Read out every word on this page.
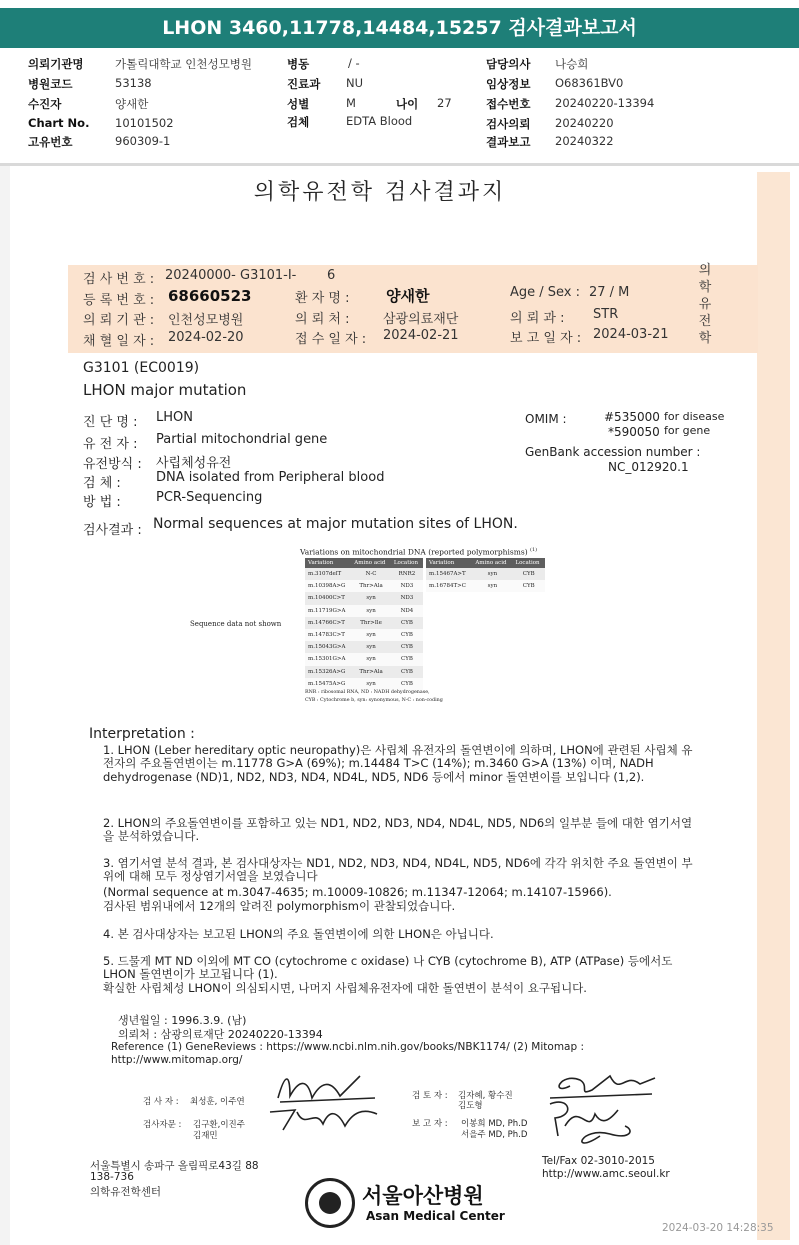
LHON 3460,11778,14484,15257 검사결과보고서
의뢰기관명	가톨릭대학교 인천성모병원
병원코드	53138
수진자	양새한
Chart No. 10101502
고유번호	960309-1
병동	/ -
진료과 NU
성별	M	나이 27
검체	EDTA Blood
담당의사 나승희
임상정보 O68361BV0
접수번호 20240220-13394
검사의뢰 20240220
결과보고 20240322
의학유전학 검사결과지
검 사 번 호 : 20240000- G3101-I- 6
등 록 번 호 : 68660523	환 자 명 : 양새한	Age / Sex : 27 / M
의 뢰 기 관 : 인천성모병원	의 뢰 처 :	삼광의료재단	의 뢰 과 : STR
채 혈 일 자 : 2024-02-20	접 수 일 자 : 2024-02-21	보 고 일 자 : 2024-03-21
의
학
유
전
학
G3101 (EC0019)
LHON major mutation
진 단 명 : LHON
유 전 자 : Partial mitochondrial gene
유전방식 : 사립체성유전
검 체 :	DNA isolated from Peripheral blood
방 법 :	PCR-Sequencing
OMIM :	#535000 for disease
*590050 for gene
GenBank accession number :
NC_012920.1
검사결과 : Normal sequences at major mutation sites of LHON.
Variations on mitochondrial DNA (reported polymorphisms) $^{(1)}$
Sequence data not shown
Variation	Amino acid	Location
m.3107delT	N-C	RNR2
m.10398A>G	Thr>Ala	ND3
m.10400C>T	syn	ND3
m.11719G>A	syn	ND4
m.14766C>T	Thr>Ile	CYB
m.14783C>T	syn	CYB
m.15043G>A	syn	CYB
m.15301G>A	syn	CYB
m.15326A>G	Thr>Ala	CYB
m.15475A>G	syn	CYB
Variation	Amino acid	Location
m.15467A>T	syn	CYB
m.16784T>C	syn	CYB
RNR : ribosomal RNA, ND : NADH dehydrogenase,
CYB : Cytochrome b, syn: synonymous, N-C : non-coding
Interpretation :
1. LHON (Leber hereditary optic neuropathy)은 사립체 유전자의 돌연변이에 의하며, LHON에 관련된 사립체 유전자의 주요돌연변이는 m.11778 G>A (69%); m.14484 T>C (14%); m.3460 G>A (13%) 이며, NADH dehydrogenase (ND)1, ND2, ND3, ND4, ND4L, ND5, ND6 등에서 minor 돌연변이를 보입니다 (1,2).
2. LHON의 주요돌연변이를 포함하고 있는 ND1, ND2, ND3, ND4, ND4L, ND5, ND6의 일부분 들에 대한 염기서열을 분석하였습니다.
3. 염기서열 분석 결과, 본 검사대상자는 ND1, ND2, ND3, ND4, ND4L, ND5, ND6에 각각 위치한 주요 돌연변이 부위에 대해 모두 정상염기서열을 보였습니다
(Normal sequence at m.3047-4635; m.10009-10826; m.11347-12064; m.14107-15966).
검사된 범위내에서 12개의 알려진 polymorphism이 관찰되었습니다.
4. 본 검사대상자는 보고된 LHON의 주요 돌연변이에 의한 LHON은 아닙니다.
5. 드물게 MT ND 이외에 MT CO (cytochrome c oxidase) 나 CYB (cytochrome B), ATP (ATPase) 등에서도 LHON 돌연변이가 보고됩니다 (1).
확실한 사립체성 LHON이 의심되시면, 나머지 사립체유전자에 대한 돌연변이 분석이 요구됩니다.
생년월일 : 1996.3.9. (남)
의뢰처 : 삼광의료재단 20240220-13394
Reference (1) GeneReviews : https://www.ncbi.nlm.nih.gov/books/NBK1174/ (2) Mitomap : http://www.mitomap.org/
검 사 자 : 최성훈, 이주연
검사자문 : 김구환,이진주
김재민
검 토 자 : 김자혜, 황수진
김도형
보 고 자 : 이봉희 MD, Ph.D
서을주 MD, Ph.D
서울특별시 송파구 올림픽로43길 88
138-736
의학유전학센터
Tel/Fax 02-3010-2015
http://www.amc.seoul.kr
서울아산병원
Asan Medical Center
2024-03-20 14:28:35
